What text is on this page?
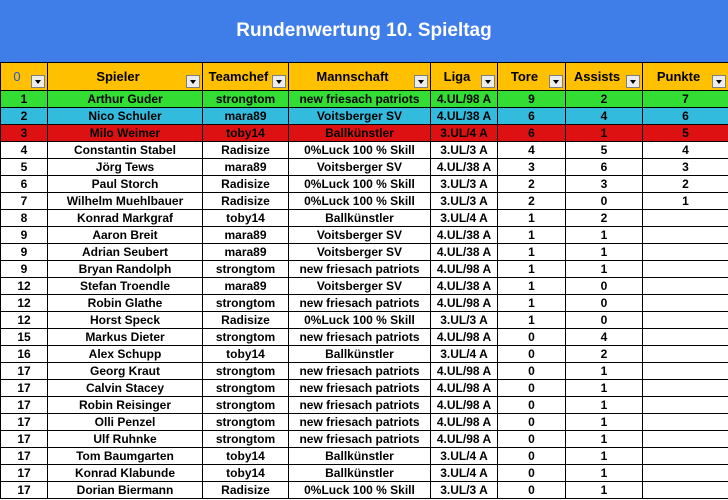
Rundenwertung 10. Spieltag
0	Spieler	Teamchef	Mannschaft	Liga	Tore	Assists	Punkte

1	Arthur Guder	strongtom	new friesach patriots	4.UL/98 A	9	2	7
2	Nico Schuler	mara89	Voitsberger SV	4.UL/38 A	6	4	6
3	Milo Weimer	toby14	Ballkünstler	3.UL/4 A	6	1	5
4	Constantin Stabel	Radisize	0%Luck 100 % Skill	3.UL/3 A	4	5	4
5	Jörg Tews	mara89	Voitsberger SV	4.UL/38 A	3	6	3
6	Paul Storch	Radisize	0%Luck 100 % Skill	3.UL/3 A	2	3	2
7	Wilhelm Muehlbauer	Radisize	0%Luck 100 % Skill	3.UL/3 A	2	0	1
8	Konrad Markgraf	toby14	Ballkünstler	3.UL/4 A	1	2	
9	Aaron Breit	mara89	Voitsberger SV	4.UL/38 A	1	1	
9	Adrian Seubert	mara89	Voitsberger SV	4.UL/38 A	1	1	
9	Bryan Randolph	strongtom	new friesach patriots	4.UL/98 A	1	1	
12	Stefan Troendle	mara89	Voitsberger SV	4.UL/38 A	1	0	
12	Robin Glathe	strongtom	new friesach patriots	4.UL/98 A	1	0	
12	Horst Speck	Radisize	0%Luck 100 % Skill	3.UL/3 A	1	0	
15	Markus Dieter	strongtom	new friesach patriots	4.UL/98 A	0	4	
16	Alex Schupp	toby14	Ballkünstler	3.UL/4 A	0	2	
17	Georg Kraut	strongtom	new friesach patriots	4.UL/98 A	0	1	
17	Calvin Stacey	strongtom	new friesach patriots	4.UL/98 A	0	1	
17	Robin Reisinger	strongtom	new friesach patriots	4.UL/98 A	0	1	
17	Olli Penzel	strongtom	new friesach patriots	4.UL/98 A	0	1	
17	Ulf Ruhnke	strongtom	new friesach patriots	4.UL/98 A	0	1	
17	Tom Baumgarten	toby14	Ballkünstler	3.UL/4 A	0	1	
17	Konrad Klabunde	toby14	Ballkünstler	3.UL/4 A	0	1	
17	Dorian Biermann	Radisize	0%Luck 100 % Skill	3.UL/3 A	0	1	
